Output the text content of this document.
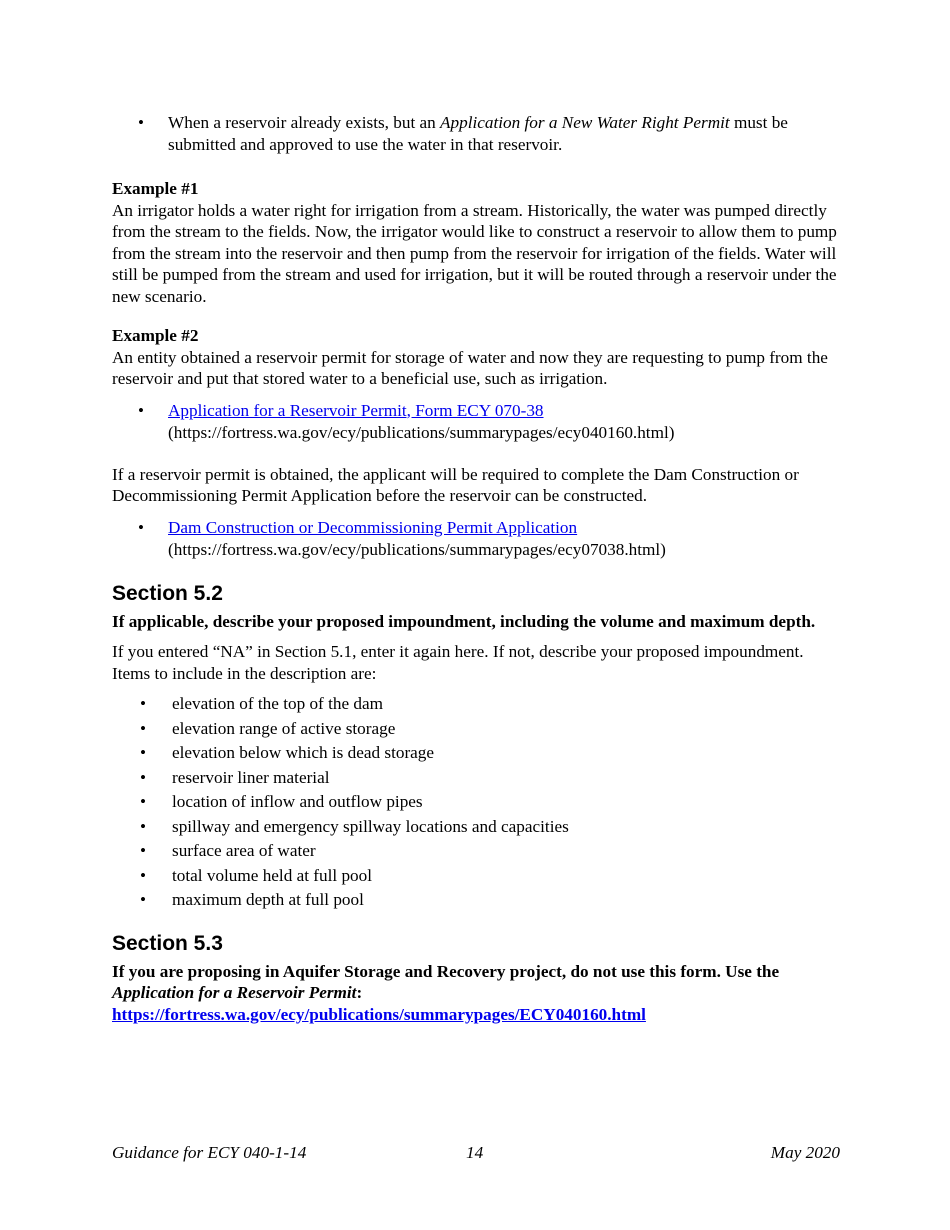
• When a reservoir already exists, but an Application for a New Water Right Permit must be submitted and approved to use the water in that reservoir.

Example #1

An irrigator holds a water right for irrigation from a stream. Historically, the water was pumped directly from the stream to the fields. Now, the irrigator would like to construct a reservoir to allow them to pump from the stream into the reservoir and then pump from the reservoir for irrigation of the fields. Water will still be pumped from the stream and used for irrigation, but it will be routed through a reservoir under the new scenario.

Example #2

An entity obtained a reservoir permit for storage of water and now they are requesting to pump from the reservoir and put that stored water to a beneficial use, such as irrigation.

• Application for a Reservoir Permit, Form ECY 070-38
(https://fortress.wa.gov/ecy/publications/summarypages/ecy040160.html)

If a reservoir permit is obtained, the applicant will be required to complete the Dam Construction or Decommissioning Permit Application before the reservoir can be constructed.

• Dam Construction or Decommissioning Permit Application
(https://fortress.wa.gov/ecy/publications/summarypages/ecy07038.html)
Section 5.2

If applicable, describe your proposed impoundment, including the volume and maximum depth.

If you entered “NA” in Section 5.1, enter it again here. If not, describe your proposed impoundment. Items to include in the description are:

• elevation of the top of the dam
• elevation range of active storage
• elevation below which is dead storage
• reservoir liner material
• location of inflow and outflow pipes
• spillway and emergency spillway locations and capacities
• surface area of water
• total volume held at full pool
• maximum depth at full pool
Section 5.3

If you are proposing in Aquifer Storage and Recovery project, do not use this form. Use the Application for a Reservoir Permit:
https://fortress.wa.gov/ecy/publications/summarypages/ECY040160.html

Guidance for ECY 040-1-14	14	May 2020
